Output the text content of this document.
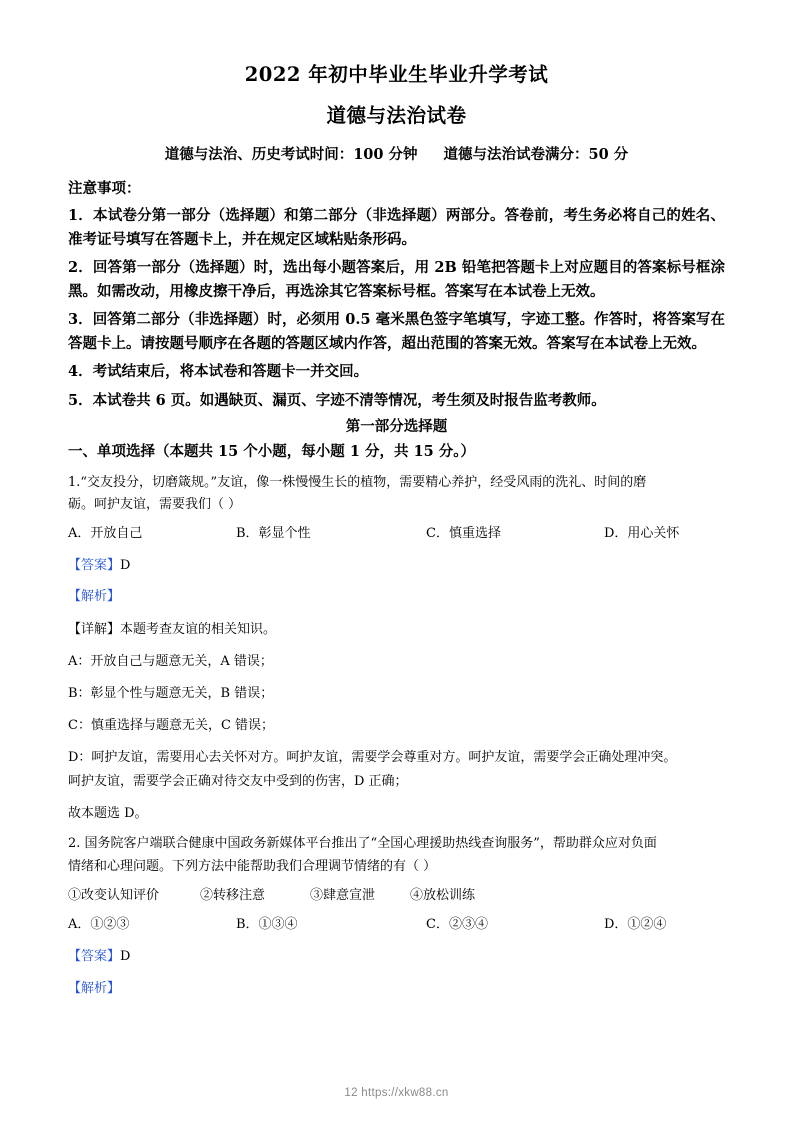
2022 年初中毕业生毕业升学考试
道德与法治试卷

道德与法治、历史考试时间：100 分钟 道德与法治试卷满分：50 分

注意事项：

1．本试卷分第一部分（选择题）和第二部分（非选择题）两部分。答卷前，考生务必将自己的姓名、准考证号填写在答题卡上，并在规定区域粘贴条形码。

2．回答第一部分（选择题）时，选出每小题答案后，用 2B 铅笔把答题卡上对应题目的答案标号框涂黑。如需改动，用橡皮擦干净后，再选涂其它答案标号框。答案写在本试卷上无效。

3．回答第二部分（非选择题）时，必须用 0.5 毫米黑色签字笔填写，字迹工整。作答时，将答案写在答题卡上。请按题号顺序在各题的答题区域内作答，超出范围的答案无效。答案写在本试卷上无效。

4．考试结束后，将本试卷和答题卡一并交回。

5．本试卷共 6 页。如遇缺页、漏页、字迹不清等情况，考生须及时报告监考教师。

第一部分选择题

一、单项选择（本题共 15 个小题，每小题 1 分，共 15 分。）

1.“交友投分，切磨箴规。”友谊，像一株慢慢生长的植物，需要精心养护，经受风雨的洗礼、时间的磨

砺。呵护友谊，需要我们（ ）

A．开放自己	B．彰显个性	C．慎重选择	D．用心关怀

【答案】D

【解析】

【详解】本题考查友谊的相关知识。

A：开放自己与题意无关，A 错误；

B：彰显个性与题意无关，B 错误；

C：慎重选择与题意无关，C 错误；

D：呵护友谊，需要用心去关怀对方。呵护友谊，需要学会尊重对方。呵护友谊，需要学会正确处理冲突。

呵护友谊，需要学会正确对待交友中受到的伤害，D 正确；

故本题选 D。

2. 国务院客户端联合健康中国政务新媒体平台推出了“全国心理援助热线查询服务”，帮助群众应对负面

情绪和心理问题。下列方法中能帮助我们合理调节情绪的有（ ）

①改变认知评价	②转移注意	③肆意宣泄	④放松训练
A．①②③	B．①③④	C．②③④	D．①②④

【答案】D

【解析】

12 https://xkw88.cn
